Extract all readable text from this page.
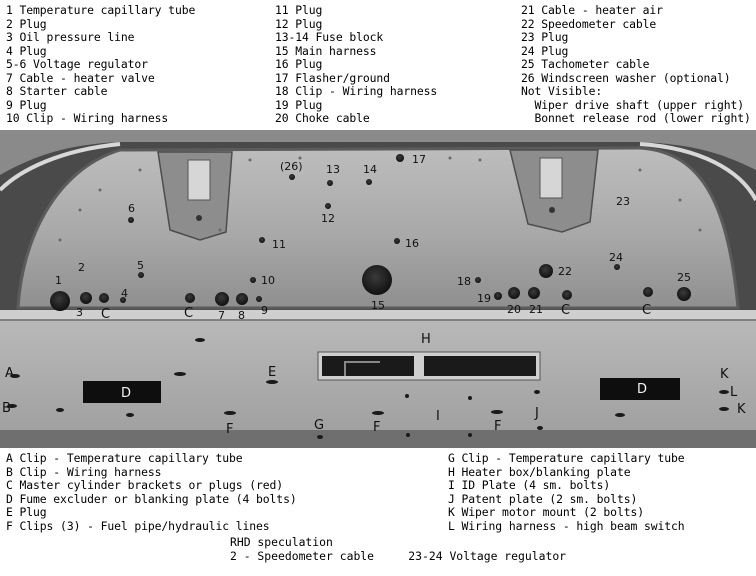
1 Temperature capillary tube
2 Plug
3 Oil pressure line
4 Plug
5-6 Voltage regulator
7 Cable - heater valve
8 Starter cable
9 Plug
10 Clip - Wiring harness
11 Plug
12 Plug
13-14 Fuse block
15 Main harness
16 Plug
17 Flasher/ground
18 Clip - Wiring harness
19 Plug
20 Choke cable
21 Cable - heater air
22 Speedometer cable
23 Plug
24 Plug
25 Tachometer cable
26 Windscreen washer (optional)
Not Visible:
Wiper drive shaft (upper right)
Bonnet release rod (lower right)
1
2
3
4
5
6
7 8 9
10
11
12
13 14
15
16
17
18
19
20 21
22
23
24
25
(26)
A
B
C	C	C	C
D	D
E
F	F	F
G
H
I	J
K
K
L
A Clip - Temperature capillary tube
B Clip - Wiring harness
C Master cylinder brackets or plugs (red)
D Fume excluder or blanking plate (4 bolts)
E Plug
F Clips (3) - Fuel pipe/hydraulic lines
G Clip - Temperature capillary tube
H Heater box/blanking plate
I ID Plate (4 sm. bolts)
J Patent plate (2 sm. bolts)
K Wiper motor mount (2 bolts)
L Wiring harness - high beam switch
RHD speculation
2 - Speedometer cable     23-24 Voltage regulator
